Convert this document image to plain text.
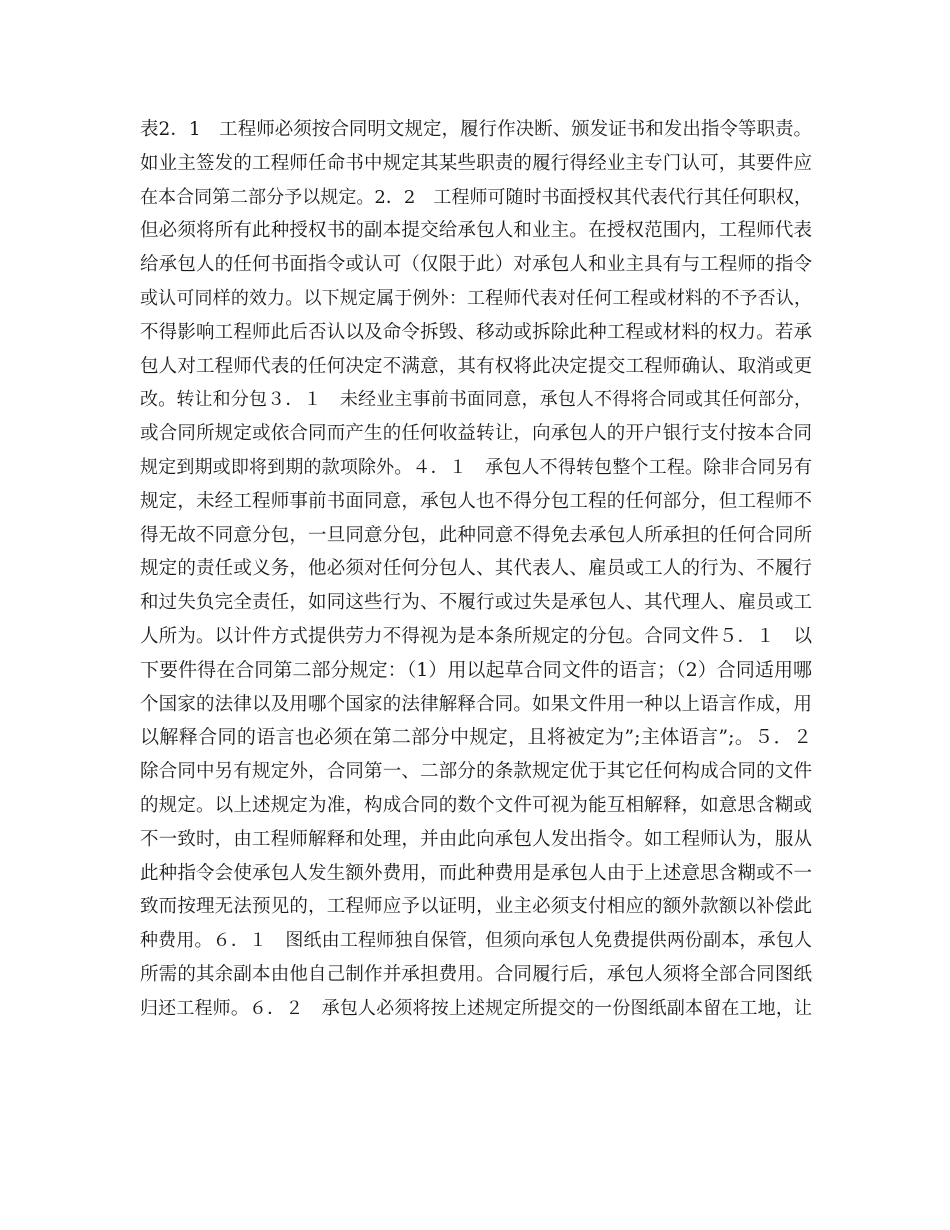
表2．1　工程师必须按合同明文规定，履行作决断、颁发证书和发出指令等职责。
如业主签发的工程师任命书中规定其某些职责的履行得经业主专门认可，其要件应
在本合同第二部分予以规定。2．2　工程师可随时书面授权其代表代行其任何职权，
但必须将所有此种授权书的副本提交给承包人和业主。在授权范围内，工程师代表
给承包人的任何书面指令或认可（仅限于此）对承包人和业主具有与工程师的指令
或认可同样的效力。以下规定属于例外：工程师代表对任何工程或材料的不予否认，
不得影响工程师此后否认以及命令拆毁、移动或拆除此种工程或材料的权力。若承
包人对工程师代表的任何决定不满意，其有权将此决定提交工程师确认、取消或更
改。转让和分包３．１　未经业主事前书面同意，承包人不得将合同或其任何部分，
或合同所规定或依合同而产生的任何收益转让，向承包人的开户银行支付按本合同
规定到期或即将到期的款项除外。４．１　承包人不得转包整个工程。除非合同另有
规定，未经工程师事前书面同意，承包人也不得分包工程的任何部分，但工程师不
得无故不同意分包，一旦同意分包，此种同意不得免去承包人所承担的任何合同所
规定的责任或义务，他必须对任何分包人、其代表人、雇员或工人的行为、不履行
和过失负完全责任，如同这些行为、不履行或过失是承包人、其代理人、雇员或工
人所为。以计件方式提供劳力不得视为是本条所规定的分包。合同文件５．１　以
下要件得在合同第二部分规定：（1）用以起草合同文件的语言；（2）合同适用哪
个国家的法律以及用哪个国家的法律解释合同。如果文件用一种以上语言作成，用
以解释合同的语言也必须在第二部分中规定，且将被定为”;主体语言”;。５．２
除合同中另有规定外，合同第一、二部分的条款规定优于其它任何构成合同的文件
的规定。以上述规定为准，构成合同的数个文件可视为能互相解释，如意思含糊或
不一致时，由工程师解释和处理，并由此向承包人发出指令。如工程师认为，服从
此种指令会使承包人发生额外费用，而此种费用是承包人由于上述意思含糊或不一
致而按理无法预见的，工程师应予以证明，业主必须支付相应的额外款额以补偿此
种费用。６．１　图纸由工程师独自保管，但须向承包人免费提供两份副本，承包人
所需的其余副本由他自己制作并承担费用。合同履行后，承包人须将全部合同图纸
归还工程师。６．２　承包人必须将按上述规定所提交的一份图纸副本留在工地，让
